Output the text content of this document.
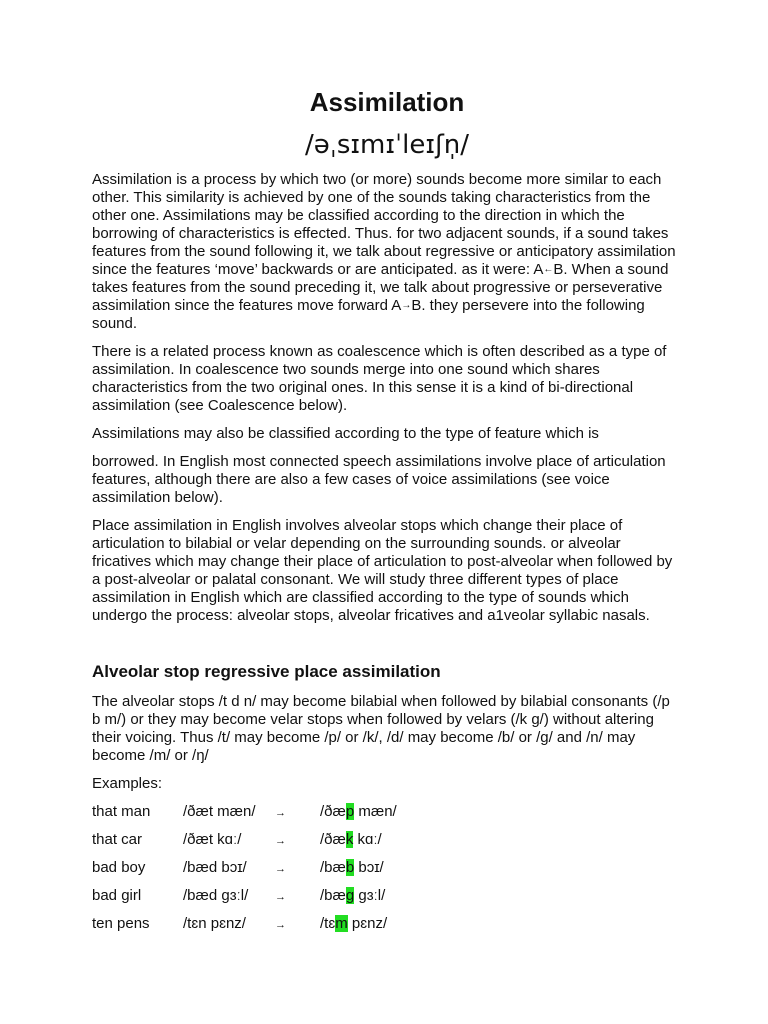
Assimilation
/əˌsɪmɪˈleɪʃn̩/

Assimilation is a process by which two (or more) sounds become more similar to each other. This similarity is achieved by one of the sounds taking characteristics from the other one. Assimilations may be classified according to the direction in which the borrowing of characteristics is effected. Thus. for two adjacent sounds, if a sound takes features from the sound following it, we talk about regressive or anticipatory assimilation since the features ‘move’ backwards or are anticipated. as it were: A←B. When a sound takes features from the sound preceding it, we talk about progressive or perseverative assimilation since the features move forward A→B. they persevere into the following sound.

There is a related process known as coalescence which is often described as a type of assimilation. In coalescence two sounds merge into one sound which shares characteristics from the two original ones. In this sense it is a kind of bi-directional assimilation (see Coalescence below).

Assimilations may also be classified according to the type of feature which is

borrowed. In English most connected speech assimilations involve place of articulation features, although there are also a few cases of voice assimilations (see voice assimilation below).

Place assimilation in English involves alveolar stops which change their place of articulation to bilabial or velar depending on the surrounding sounds. or alveolar fricatives which may change their place of articulation to post-alveolar when followed by a post-alveolar or palatal consonant. We will study three different types of place assimilation in English which are classified according to the type of sounds which undergo the process: alveolar stops, alveolar fricatives and a1veolar syllabic nasals.

Alveolar stop regressive place assimilation

The alveolar stops /t d n/ may become bilabial when followed by bilabial consonants (/p b m/) or they may become velar stops when followed by velars (/k g/) without altering their voicing. Thus /t/ may become /p/ or /k/, /d/ may become /b/ or /g/ and /n/ may become /m/ or /ŋ/

Examples:

that man	/ðæt mæn/	→	/ðæp mæn/
that car	/ðæt kɑː/	→	/ðæk kɑː/
bad boy	/bæd bɔɪ/	→	/bæb bɔɪ/
bad girl	/bæd gɜːl/	→	/bæg gɜːl/
ten pens	/tɛn pɛnz/	→	/tɛm pɛnz/
